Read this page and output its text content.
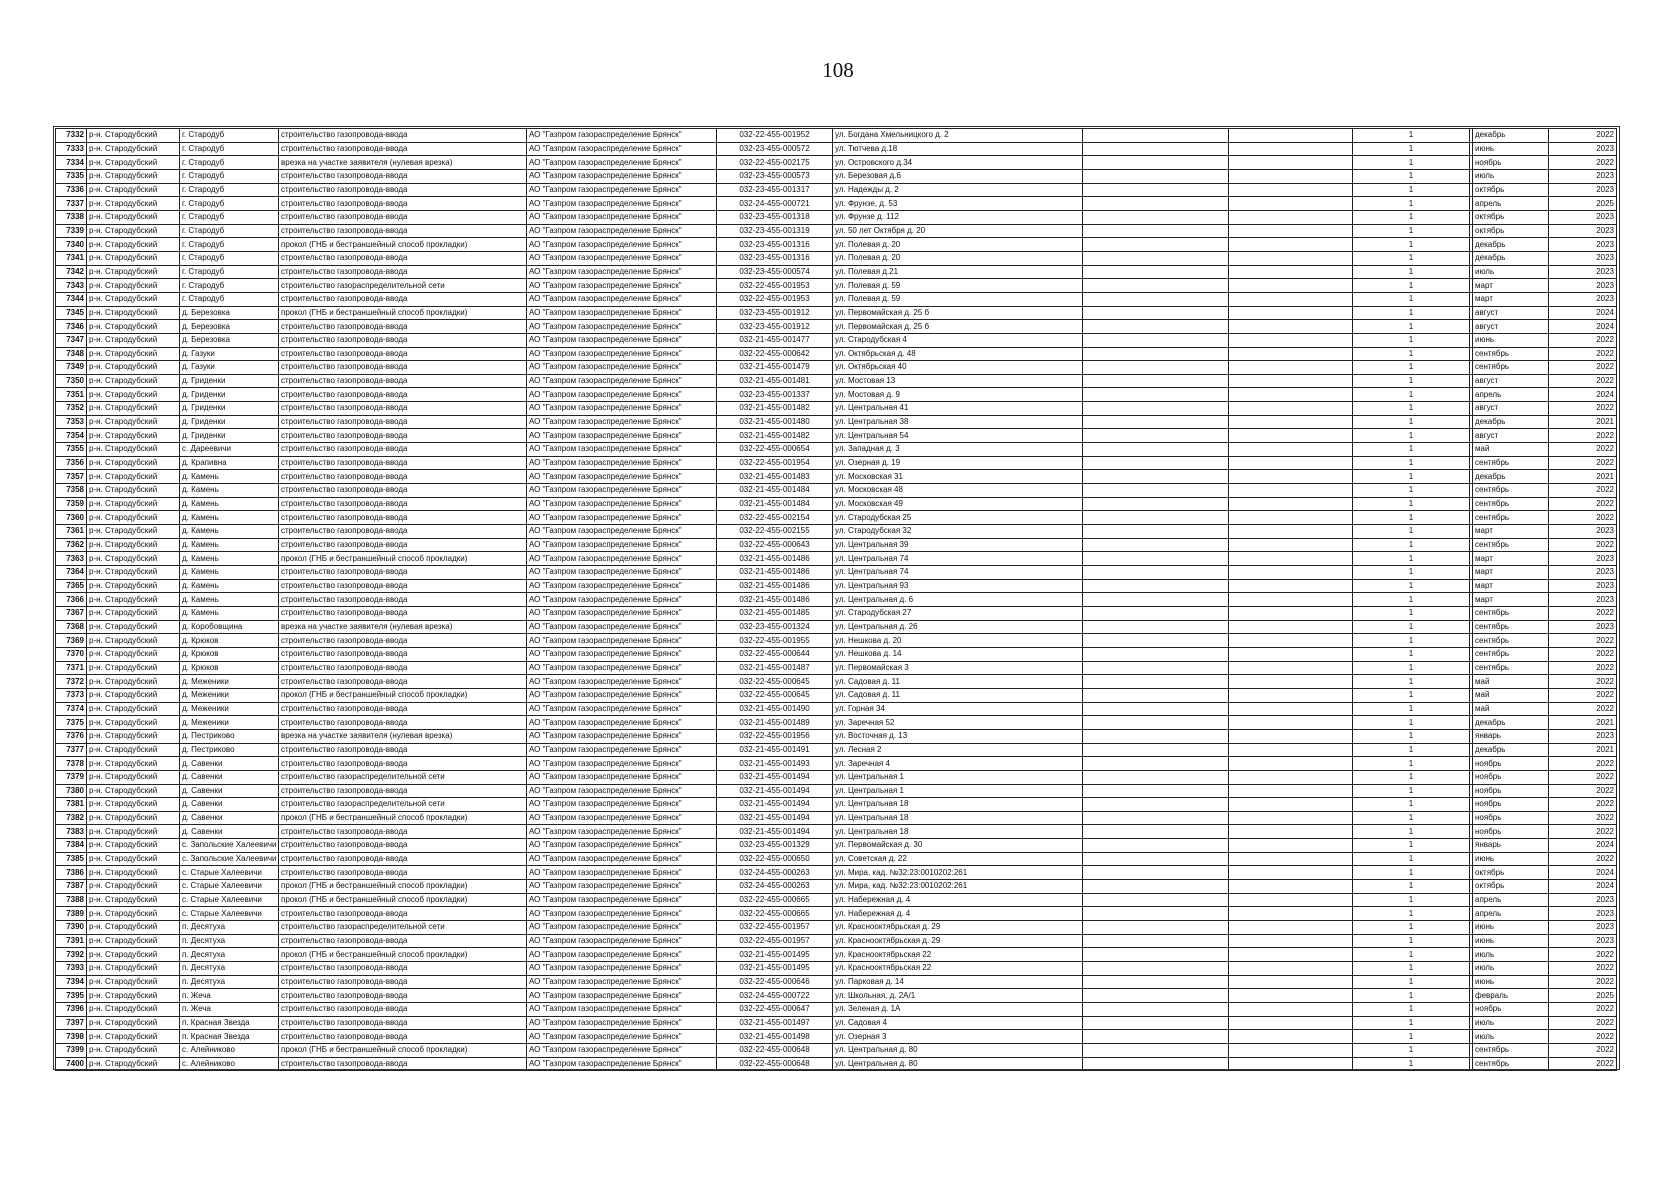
108
7332	р-н. Стародубский	г. Стародуб	строительство газопровода-ввода	АО "Газпром газораспределение Брянск"	032-22-455-001952	ул. Богдана Хмельницкого д. 2			1		декабрь	2022
7333	р-н. Стародубский	г. Стародуб	строительство газопровода-ввода	АО "Газпром газораспределение Брянск"	032-23-455-000572	ул. Тютчева д.18			1		июнь	2023
7334	р-н. Стародубский	г. Стародуб	врезка на участке заявителя (нулевая врезка)	АО "Газпром газораспределение Брянск"	032-22-455-002175	ул. Островского д.34			1		ноябрь	2022
7335	р-н. Стародубский	г. Стародуб	строительство газопровода-ввода	АО "Газпром газораспределение Брянск"	032-23-455-000573	ул. Березовая д.6			1		июль	2023
7336	р-н. Стародубский	г. Стародуб	строительство газопровода-ввода	АО "Газпром газораспределение Брянск"	032-23-455-001317	ул. Надежды д. 2			1		октябрь	2023
7337	р-н. Стародубский	г. Стародуб	строительство газопровода-ввода	АО "Газпром газораспределение Брянск"	032-24-455-000721	ул. Фрунзе, д. 53			1		апрель	2025
7338	р-н. Стародубский	г. Стародуб	строительство газопровода-ввода	АО "Газпром газораспределение Брянск"	032-23-455-001318	ул. Фрунзе д. 112			1		октябрь	2023
7339	р-н. Стародубский	г. Стародуб	строительство газопровода-ввода	АО "Газпром газораспределение Брянск"	032-23-455-001319	ул. 50 лет Октября д. 20			1		октябрь	2023
7340	р-н. Стародубский	г. Стародуб	прокол (ГНБ и бестраншейный способ прокладки)	АО "Газпром газораспределение Брянск"	032-23-455-001316	ул. Полевая д. 20			1		декабрь	2023
7341	р-н. Стародубский	г. Стародуб	строительство газопровода-ввода	АО "Газпром газораспределение Брянск"	032-23-455-001316	ул. Полевая д. 20			1		декабрь	2023
7342	р-н. Стародубский	г. Стародуб	строительство газопровода-ввода	АО "Газпром газораспределение Брянск"	032-23-455-000574	ул. Полевая д.21			1		июль	2023
7343	р-н. Стародубский	г. Стародуб	строительство газораспределительной сети	АО "Газпром газораспределение Брянск"	032-22-455-001953	ул. Полевая д. 59			1		март	2023
7344	р-н. Стародубский	г. Стародуб	строительство газопровода-ввода	АО "Газпром газораспределение Брянск"	032-22-455-001953	ул. Полевая д. 59			1		март	2023
7345	р-н. Стародубский	д. Березовка	прокол (ГНБ и бестраншейный способ прокладки)	АО "Газпром газораспределение Брянск"	032-23-455-001912	ул. Первомайская д. 25 б			1		август	2024
7346	р-н. Стародубский	д. Березовка	строительство газопровода-ввода	АО "Газпром газораспределение Брянск"	032-23-455-001912	ул. Первомайская д. 25 б			1		август	2024
7347	р-н. Стародубский	д. Березовка	строительство газопровода-ввода	АО "Газпром газораспределение Брянск"	032-21-455-001477	ул. Стародубская 4			1		июнь	2022
7348	р-н. Стародубский	д. Газуки	строительство газопровода-ввода	АО "Газпром газораспределение Брянск"	032-22-455-000642	ул. Октябрьская д. 48			1		сентябрь	2022
7349	р-н. Стародубский	д. Газуки	строительство газопровода-ввода	АО "Газпром газораспределение Брянск"	032-21-455-001479	ул. Октябрьская 40			1		сентябрь	2022
7350	р-н. Стародубский	д. Гриденки	строительство газопровода-ввода	АО "Газпром газораспределение Брянск"	032-21-455-001481	ул. Мостовая 13			1		август	2022
7351	р-н. Стародубский	д. Гриденки	строительство газопровода-ввода	АО "Газпром газораспределение Брянск"	032-23-455-001337	ул. Мостовая д. 9			1		апрель	2024
7352	р-н. Стародубский	д. Гриденки	строительство газопровода-ввода	АО "Газпром газораспределение Брянск"	032-21-455-001482	ул. Центральная 41			1		август	2022
7353	р-н. Стародубский	д. Гриденки	строительство газопровода-ввода	АО "Газпром газораспределение Брянск"	032-21-455-001480	ул. Центральная 38			1		декабрь	2021
7354	р-н. Стародубский	д. Гриденки	строительство газопровода-ввода	АО "Газпром газораспределение Брянск"	032-21-455-001482	ул. Центральная 54			1		август	2022
7355	р-н. Стародубский	с. Дареевичи	строительство газопровода-ввода	АО "Газпром газораспределение Брянск"	032-22-455-000654	ул. Западная д. 3			1		май	2022
7356	р-н. Стародубский	д. Крапивна	строительство газопровода-ввода	АО "Газпром газораспределение Брянск"	032-22-455-001954	ул. Озерная д. 19			1		сентябрь	2022
7357	р-н. Стародубский	д. Камень	строительство газопровода-ввода	АО "Газпром газораспределение Брянск"	032-21-455-001483	ул. Московская 31			1		декабрь	2021
7358	р-н. Стародубский	д. Камень	строительство газопровода-ввода	АО "Газпром газораспределение Брянск"	032-21-455-001484	ул. Московская 48			1		сентябрь	2022
7359	р-н. Стародубский	д. Камень	строительство газопровода-ввода	АО "Газпром газораспределение Брянск"	032-21-455-001484	ул. Московская 49			1		сентябрь	2022
7360	р-н. Стародубский	д. Камень	строительство газопровода-ввода	АО "Газпром газораспределение Брянск"	032-22-455-002154	ул. Стародубская 25			1		сентябрь	2022
7361	р-н. Стародубский	д. Камень	строительство газопровода-ввода	АО "Газпром газораспределение Брянск"	032-22-455-002155	ул. Стародубская 32			1		март	2023
7362	р-н. Стародубский	д. Камень	строительство газопровода-ввода	АО "Газпром газораспределение Брянск"	032-22-455-000643	ул. Центральная 39			1		сентябрь	2022
7363	р-н. Стародубский	д. Камень	прокол (ГНБ и бестраншейный способ прокладки)	АО "Газпром газораспределение Брянск"	032-21-455-001486	ул. Центральная 74			1		март	2023
7364	р-н. Стародубский	д. Камень	строительство газопровода-ввода	АО "Газпром газораспределение Брянск"	032-21-455-001486	ул. Центральная 74			1		март	2023
7365	р-н. Стародубский	д. Камень	строительство газопровода-ввода	АО "Газпром газораспределение Брянск"	032-21-455-001486	ул. Центральная 93			1		март	2023
7366	р-н. Стародубский	д. Камень	строительство газопровода-ввода	АО "Газпром газораспределение Брянск"	032-21-455-001486	ул. Центральная д. 6			1		март	2023
7367	р-н. Стародубский	д. Камень	строительство газопровода-ввода	АО "Газпром газораспределение Брянск"	032-21-455-001485	ул. Стародубская 27			1		сентябрь	2022
7368	р-н. Стародубский	д. Коробовщина	врезка на участке заявителя (нулевая врезка)	АО "Газпром газораспределение Брянск"	032-23-455-001324	ул. Центральная д. 26			1		сентябрь	2023
7369	р-н. Стародубский	д. Крюков	строительство газопровода-ввода	АО "Газпром газораспределение Брянск"	032-22-455-001955	ул. Нешкова д. 20			1		сентябрь	2022
7370	р-н. Стародубский	д. Крюков	строительство газопровода-ввода	АО "Газпром газораспределение Брянск"	032-22-455-000644	ул. Нешкова д. 14			1		сентябрь	2022
7371	р-н. Стародубский	д. Крюков	строительство газопровода-ввода	АО "Газпром газораспределение Брянск"	032-21-455-001487	ул. Первомайская 3			1		сентябрь	2022
7372	р-н. Стародубский	д. Меженики	строительство газопровода-ввода	АО "Газпром газораспределение Брянск"	032-22-455-000645	ул. Садовая д. 11			1		май	2022
7373	р-н. Стародубский	д. Меженики	прокол (ГНБ и бестраншейный способ прокладки)	АО "Газпром газораспределение Брянск"	032-22-455-000645	ул. Садовая д. 11			1		май	2022
7374	р-н. Стародубский	д. Меженики	строительство газопровода-ввода	АО "Газпром газораспределение Брянск"	032-21-455-001490	ул. Горная 34			1		май	2022
7375	р-н. Стародубский	д. Меженики	строительство газопровода-ввода	АО "Газпром газораспределение Брянск"	032-21-455-001489	ул. Заречная 52			1		декабрь	2021
7376	р-н. Стародубский	д. Пестриково	врезка на участке заявителя (нулевая врезка)	АО "Газпром газораспределение Брянск"	032-22-455-001956	ул. Восточная д. 13			1		январь	2023
7377	р-н. Стародубский	д. Пестриково	строительство газопровода-ввода	АО "Газпром газораспределение Брянск"	032-21-455-001491	ул. Лесная 2			1		декабрь	2021
7378	р-н. Стародубский	д. Савенки	строительство газопровода-ввода	АО "Газпром газораспределение Брянск"	032-21-455-001493	ул. Заречная 4			1		ноябрь	2022
7379	р-н. Стародубский	д. Савенки	строительство газораспределительной сети	АО "Газпром газораспределение Брянск"	032-21-455-001494	ул. Центральная 1			1		ноябрь	2022
7380	р-н. Стародубский	д. Савенки	строительство газопровода-ввода	АО "Газпром газораспределение Брянск"	032-21-455-001494	ул. Центральная 1			1		ноябрь	2022
7381	р-н. Стародубский	д. Савенки	строительство газораспределительной сети	АО "Газпром газораспределение Брянск"	032-21-455-001494	ул. Центральная 18			1		ноябрь	2022
7382	р-н. Стародубский	д. Савенки	прокол (ГНБ и бестраншейный способ прокладки)	АО "Газпром газораспределение Брянск"	032-21-455-001494	ул. Центральная 18			1		ноябрь	2022
7383	р-н. Стародубский	д. Савенки	строительство газопровода-ввода	АО "Газпром газораспределение Брянск"	032-21-455-001494	ул. Центральная 18			1		ноябрь	2022
7384	р-н. Стародубский	с. Запольские Халеевичи	строительство газопровода-ввода	АО "Газпром газораспределение Брянск"	032-23-455-001329	ул. Первомайская д. 30			1		январь	2024
7385	р-н. Стародубский	с. Запольские Халеевичи	строительство газопровода-ввода	АО "Газпром газораспределение Брянск"	032-22-455-000650	ул. Советская д. 22			1		июнь	2022
7386	р-н. Стародубский	с. Старые Халеевичи	строительство газопровода-ввода	АО "Газпром газораспределение Брянск"	032-24-455-000263	ул. Мира, кад. №32:23:0010202:261			1		октябрь	2024
7387	р-н. Стародубский	с. Старые Халеевичи	прокол (ГНБ и бестраншейный способ прокладки)	АО "Газпром газораспределение Брянск"	032-24-455-000263	ул. Мира, кад. №32:23:0010202:261			1		октябрь	2024
7388	р-н. Стародубский	с. Старые Халеевичи	прокол (ГНБ и бестраншейный способ прокладки)	АО "Газпром газораспределение Брянск"	032-22-455-000665	ул. Набережная д. 4			1		апрель	2023
7389	р-н. Стародубский	с. Старые Халеевичи	строительство газопровода-ввода	АО "Газпром газораспределение Брянск"	032-22-455-000665	ул. Набережная д. 4			1		апрель	2023
7390	р-н. Стародубский	п. Десятуха	строительство газораспределительной сети	АО "Газпром газораспределение Брянск"	032-22-455-001957	ул. Краснооктябрьская д. 29			1		июнь	2023
7391	р-н. Стародубский	п. Десятуха	строительство газопровода-ввода	АО "Газпром газораспределение Брянск"	032-22-455-001957	ул. Краснооктябрьская д. 29			1		июнь	2023
7392	р-н. Стародубский	п. Десятуха	прокол (ГНБ и бестраншейный способ прокладки)	АО "Газпром газораспределение Брянск"	032-21-455-001495	ул. Краснооктябрьская 22			1		июль	2022
7393	р-н. Стародубский	п. Десятуха	строительство газопровода-ввода	АО "Газпром газораспределение Брянск"	032-21-455-001495	ул. Краснооктябрьская 22			1		июль	2022
7394	р-н. Стародубский	п. Десятуха	строительство газопровода-ввода	АО "Газпром газораспределение Брянск"	032-22-455-000646	ул. Парковая д. 14			1		июнь	2022
7395	р-н. Стародубский	п. Жеча	строительство газопровода-ввода	АО "Газпром газораспределение Брянск"	032-24-455-000722	ул. Школьная, д. 2А/1			1		февраль	2025
7396	р-н. Стародубский	п. Жеча	строительство газопровода-ввода	АО "Газпром газораспределение Брянск"	032-22-455-000647	ул. Зеленая д. 1А			1		ноябрь	2022
7397	р-н. Стародубский	п. Красная Звезда	строительство газопровода-ввода	АО "Газпром газораспределение Брянск"	032-21-455-001497	ул. Садовая 4			1		июль	2022
7398	р-н. Стародубский	п. Красная Звезда	строительство газопровода-ввода	АО "Газпром газораспределение Брянск"	032-21-455-001498	ул. Озерная 3			1		июль	2022
7399	р-н. Стародубский	с. Алейниково	прокол (ГНБ и бестраншейный способ прокладки)	АО "Газпром газораспределение Брянск"	032-22-455-000648	ул. Центральная д. 80			1		сентябрь	2022
7400	р-н. Стародубский	с. Алейниково	строительство газопровода-ввода	АО "Газпром газораспределение Брянск"	032-22-455-000648	ул. Центральная д. 80			1		сентябрь	2022
